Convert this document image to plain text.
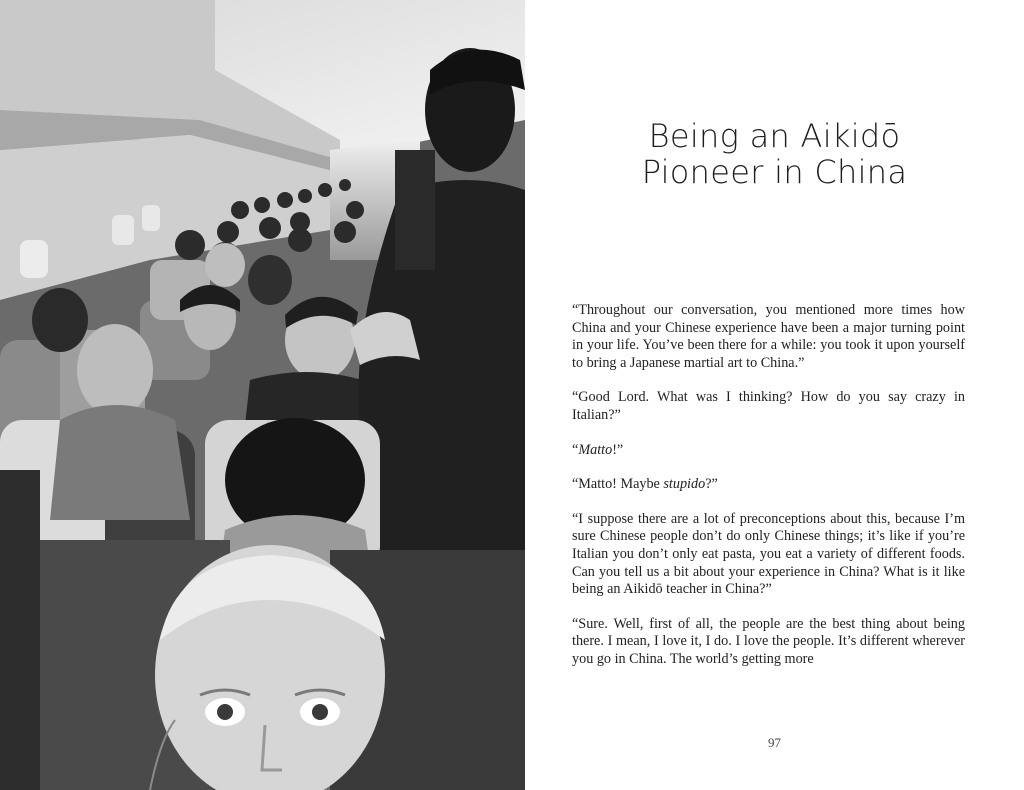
Being an Aikidō
Pioneer in China

“Throughout our conversation, you mentioned more times how China and your Chinese experience have been a major turning point in your life. You’ve been there for a while: you took it upon yourself to bring a Japanese martial art to China.”

“Good Lord. What was I thinking? How do you say crazy in Italian?”

“Matto!”

“Matto! Maybe stupido?”

“I suppose there are a lot of preconceptions about this, because I’m sure Chinese people don’t do only Chinese things; it’s like if you’re Italian you don’t only eat pasta, you eat a variety of different foods. Can you tell us a bit about your experience in China? What is it like being an Aikidō teacher in China?”

“Sure. Well, first of all, the people are the best thing about being there. I mean, I love it, I do. I love the people. It’s different wherever you go in China. The world’s getting more

97
